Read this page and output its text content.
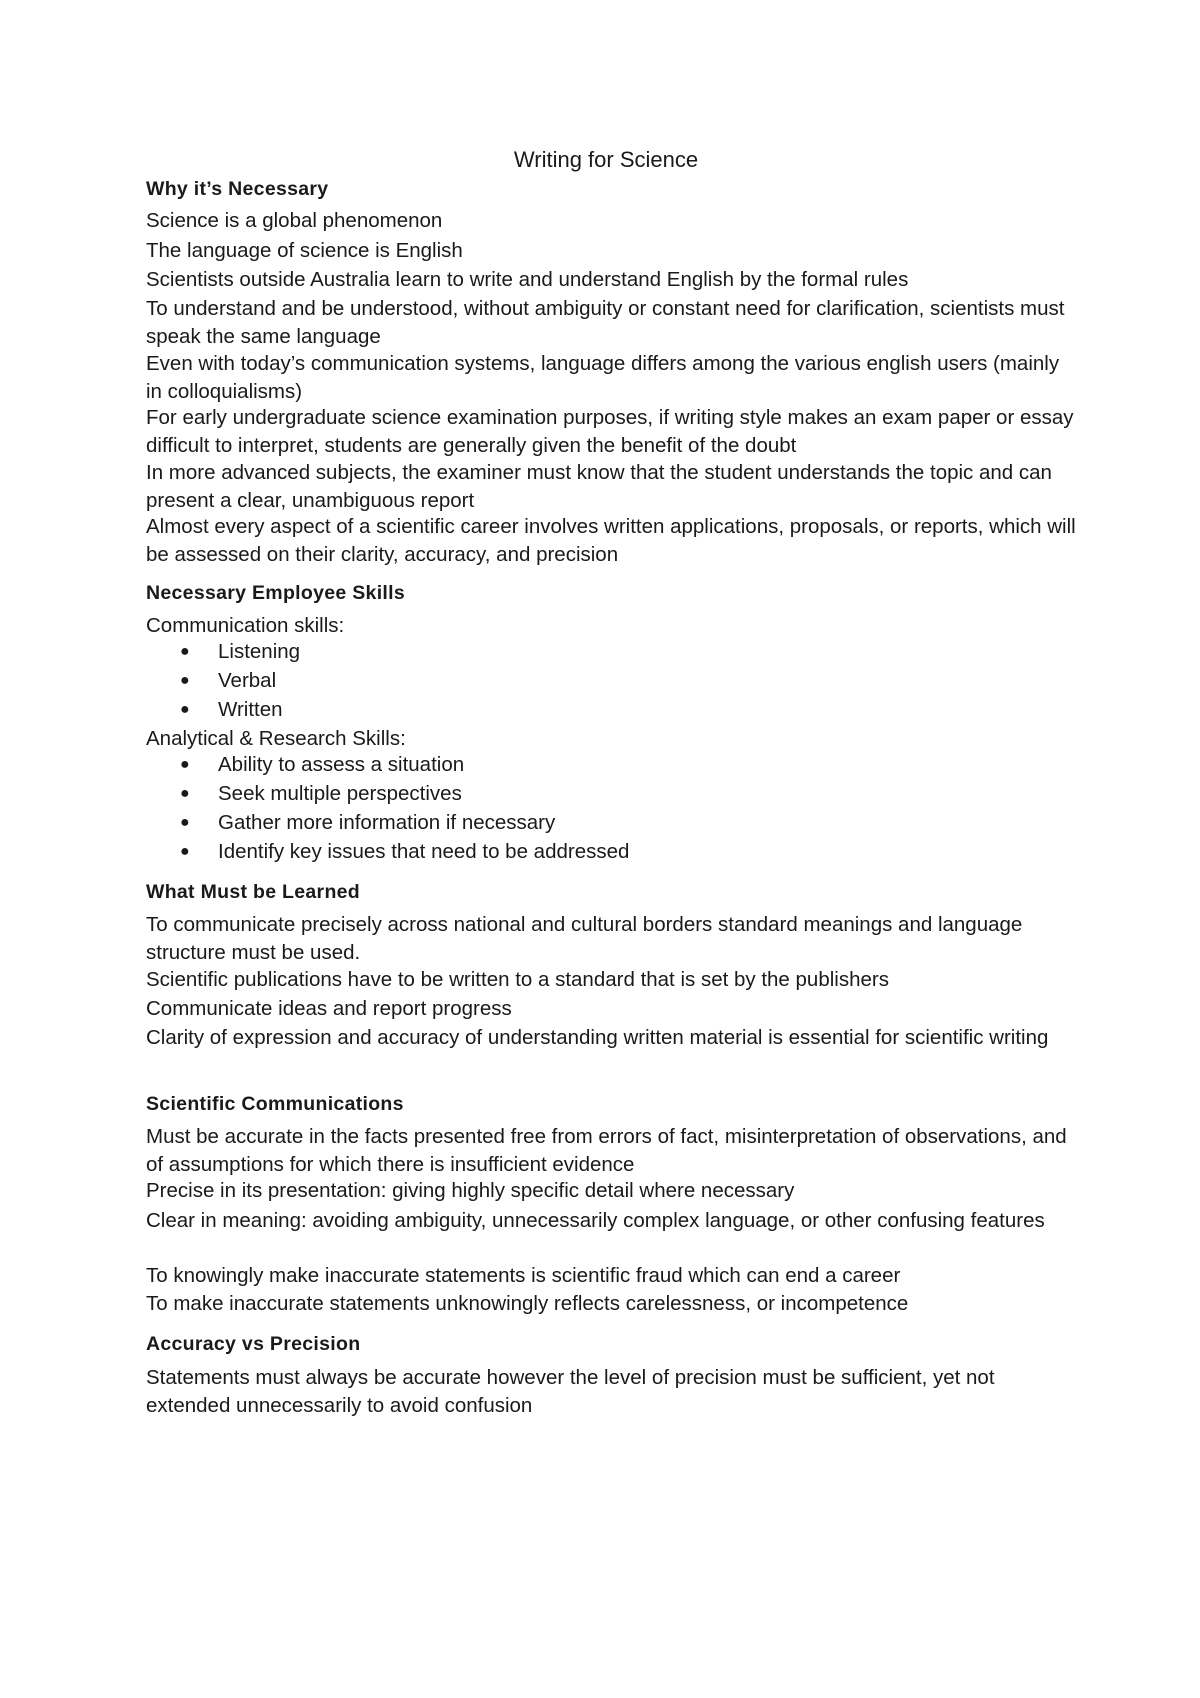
Writing for Science
Why it’s Necessary

Science is a global phenomenon

The language of science is English

Scientists outside Australia learn to write and understand English by the formal rules

To understand and be understood, without ambiguity or constant need for clarification, scientists must speak the same language

Even with today’s communication systems, language differs among the various english users (mainly in colloquialisms)

For early undergraduate science examination purposes, if writing style makes an exam paper or essay difficult to interpret, students are generally given the benefit of the doubt

In more advanced subjects, the examiner must know that the student understands the topic and can present a clear, unambiguous report

Almost every aspect of a scientific career involves written applications, proposals, or reports, which will be assessed on their clarity, accuracy, and precision

Necessary Employee Skills

Communication skills:

● Listening
● Verbal
● Written

Analytical & Research Skills:

● Ability to assess a situation
● Seek multiple perspectives
● Gather more information if necessary
● Identify key issues that need to be addressed
What Must be Learned

To communicate precisely across national and cultural borders standard meanings and language structure must be used.

Scientific publications have to be written to a standard that is set by the publishers

Communicate ideas and report progress

Clarity of expression and accuracy of understanding written material is essential for scientific writing

Scientific Communications

Must be accurate in the facts presented free from errors of fact, misinterpretation of observations, and of assumptions for which there is insufficient evidence

Precise in its presentation: giving highly specific detail where necessary

Clear in meaning: avoiding ambiguity, unnecessarily complex language, or other confusing features

To knowingly make inaccurate statements is scientific fraud which can end a career

To make inaccurate statements unknowingly reflects carelessness, or incompetence

Accuracy vs Precision

Statements must always be accurate however the level of precision must be sufficient, yet not extended unnecessarily to avoid confusion
